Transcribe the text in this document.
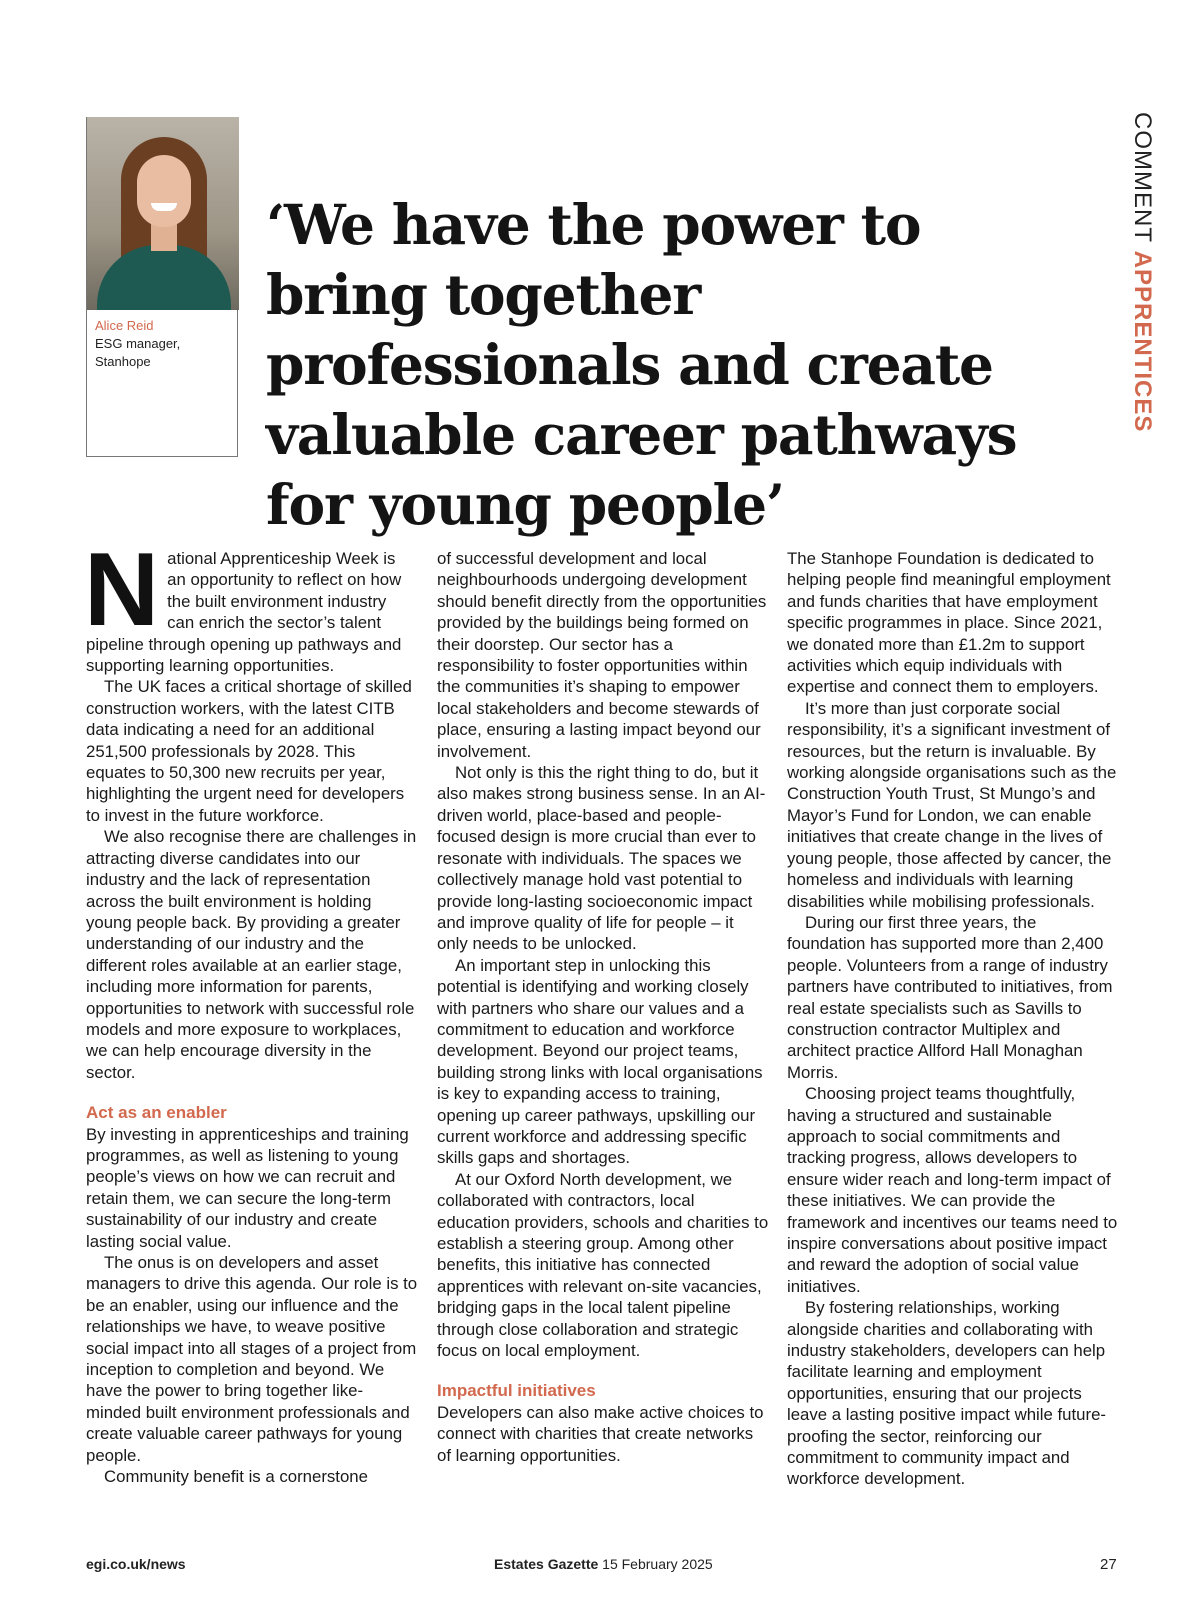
Alice Reid
ESG manager, Stanhope
‘We have the power to bring together professionals and create valuable career pathways for young people’
COMMENT APPRENTICES

National Apprenticeship Week is an opportunity to reflect on how the built environment industry can enrich the sector’s talent pipeline through opening up pathways and supporting learning opportunities.

The UK faces a critical shortage of skilled construction workers, with the latest CITB data indicating a need for an additional 251,500 professionals by 2028. This equates to 50,300 new recruits per year, highlighting the urgent need for developers to invest in the future workforce.

We also recognise there are challenges in attracting diverse candidates into our industry and the lack of representation across the built environment is holding young people back. By providing a greater understanding of our industry and the different roles available at an earlier stage, including more information for parents, opportunities to network with successful role models and more exposure to workplaces, we can help encourage diversity in the sector.

Act as an enabler

By investing in apprenticeships and training programmes, as well as listening to young people’s views on how we can recruit and retain them, we can secure the long-term sustainability of our industry and create lasting social value.

The onus is on developers and asset managers to drive this agenda. Our role is to be an enabler, using our influence and the relationships we have, to weave positive social impact into all stages of a project from inception to completion and beyond. We have the power to bring together like-minded built environment professionals and create valuable career pathways for young people.

Community benefit is a cornerstone

of successful development and local neighbourhoods undergoing development should benefit directly from the opportunities provided by the buildings being formed on their doorstep. Our sector has a responsibility to foster opportunities within the communities it’s shaping to empower local stakeholders and become stewards of place, ensuring a lasting impact beyond our involvement.

Not only is this the right thing to do, but it also makes strong business sense. In an AI-driven world, place-based and people-focused design is more crucial than ever to resonate with individuals. The spaces we collectively manage hold vast potential to provide long-lasting socioeconomic impact and improve quality of life for people – it only needs to be unlocked.

An important step in unlocking this potential is identifying and working closely with partners who share our values and a commitment to education and workforce development. Beyond our project teams, building strong links with local organisations is key to expanding access to training, opening up career pathways, upskilling our current workforce and addressing specific skills gaps and shortages.

At our Oxford North development, we collaborated with contractors, local education providers, schools and charities to establish a steering group. Among other benefits, this initiative has connected apprentices with relevant on-site vacancies, bridging gaps in the local talent pipeline through close collaboration and strategic focus on local employment.

Impactful initiatives

Developers can also make active choices to connect with charities that create networks of learning opportunities.

The Stanhope Foundation is dedicated to helping people find meaningful employment and funds charities that have employment specific programmes in place. Since 2021, we donated more than £1.2m to support activities which equip individuals with expertise and connect them to employers.

It’s more than just corporate social responsibility, it’s a significant investment of resources, but the return is invaluable. By working alongside organisations such as the Construction Youth Trust, St Mungo’s and Mayor’s Fund for London, we can enable initiatives that create change in the lives of young people, those affected by cancer, the homeless and individuals with learning disabilities while mobilising professionals.

During our first three years, the foundation has supported more than 2,400 people. Volunteers from a range of industry partners have contributed to initiatives, from real estate specialists such as Savills to construction contractor Multiplex and architect practice Allford Hall Monaghan Morris.

Choosing project teams thoughtfully, having a structured and sustainable approach to social commitments and tracking progress, allows developers to ensure wider reach and long-term impact of these initiatives. We can provide the framework and incentives our teams need to inspire conversations about positive impact and reward the adoption of social value initiatives.

By fostering relationships, working alongside charities and collaborating with industry stakeholders, developers can help facilitate learning and employment opportunities, ensuring that our projects leave a lasting positive impact while future-proofing the sector, reinforcing our commitment to community impact and workforce development.

egi.co.uk/news	Estates Gazette 15 February 2025	27
